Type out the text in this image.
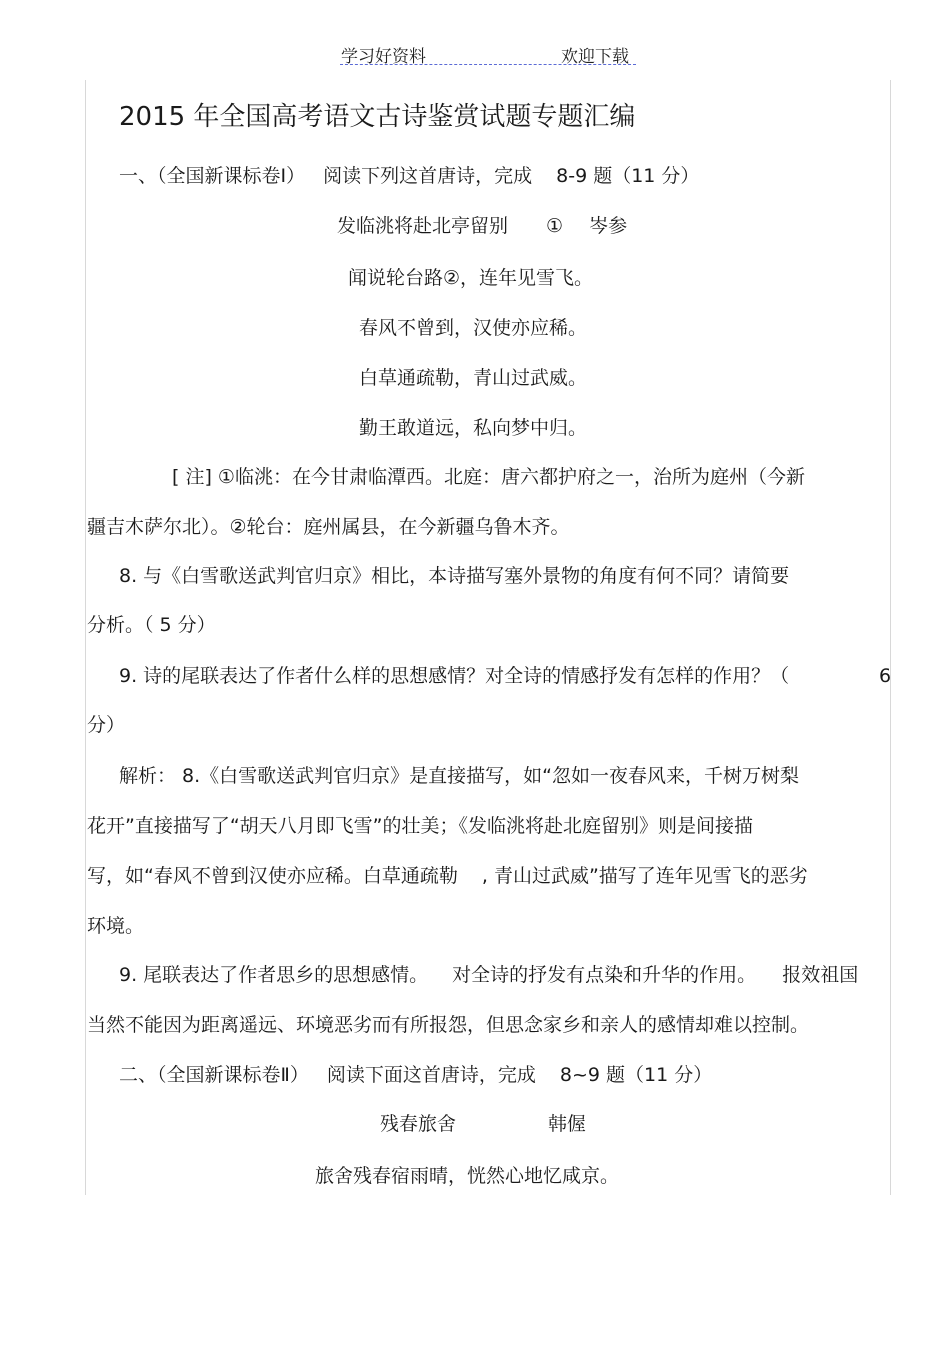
学习好资料	欢迎下载
2015 年全国高考语文古诗鉴赏试题专题汇编
一、（全国新课标卷Ⅰ） 阅读下列这首唐诗，完成 8-9 题（11 分）
发临洮将赴北亭留别 ① 岑参
闻说轮台路②，连年见雪飞。
春风不曾到，汉使亦应稀。
白草通疏勒，青山过武威。
勤王敢道远，私向梦中归。
[ 注] ①临洮：在今甘肃临潭西。北庭：唐六都护府之一，治所为庭州（今新
疆吉木萨尔北）。②轮台：庭州属县，在今新疆乌鲁木齐。
8. 与《白雪歌送武判官归京》相比，本诗描写塞外景物的角度有何不同？请简要
分析。（ 5 分）
9. 诗的尾联表达了作者什么样的思想感情？对全诗的情感抒发有怎样的作用？（	6
分）
解析： 8.《白雪歌送武判官归京》是直接描写，如“忽如一夜春风来，千树万树梨
花开”直接描写了“胡天八月即飞雪”的壮美；《发临洮将赴北庭留别》则是间接描
写，如“春风不曾到汉使亦应稀。白草通疏勒 , 青山过武威”描写了连年见雪飞的恶劣
环境。
9. 尾联表达了作者思乡的思想感情。 对全诗的抒发有点染和升华的作用。 报效祖国
当然不能因为距离遥远、环境恶劣而有所报怨，但思念家乡和亲人的感情却难以控制。
二、（全国新课标卷Ⅱ） 阅读下面这首唐诗，完成 8~9 题（11 分）
残春旅舍	韩偓
旅舍残春宿雨晴，恍然心地忆咸京。
